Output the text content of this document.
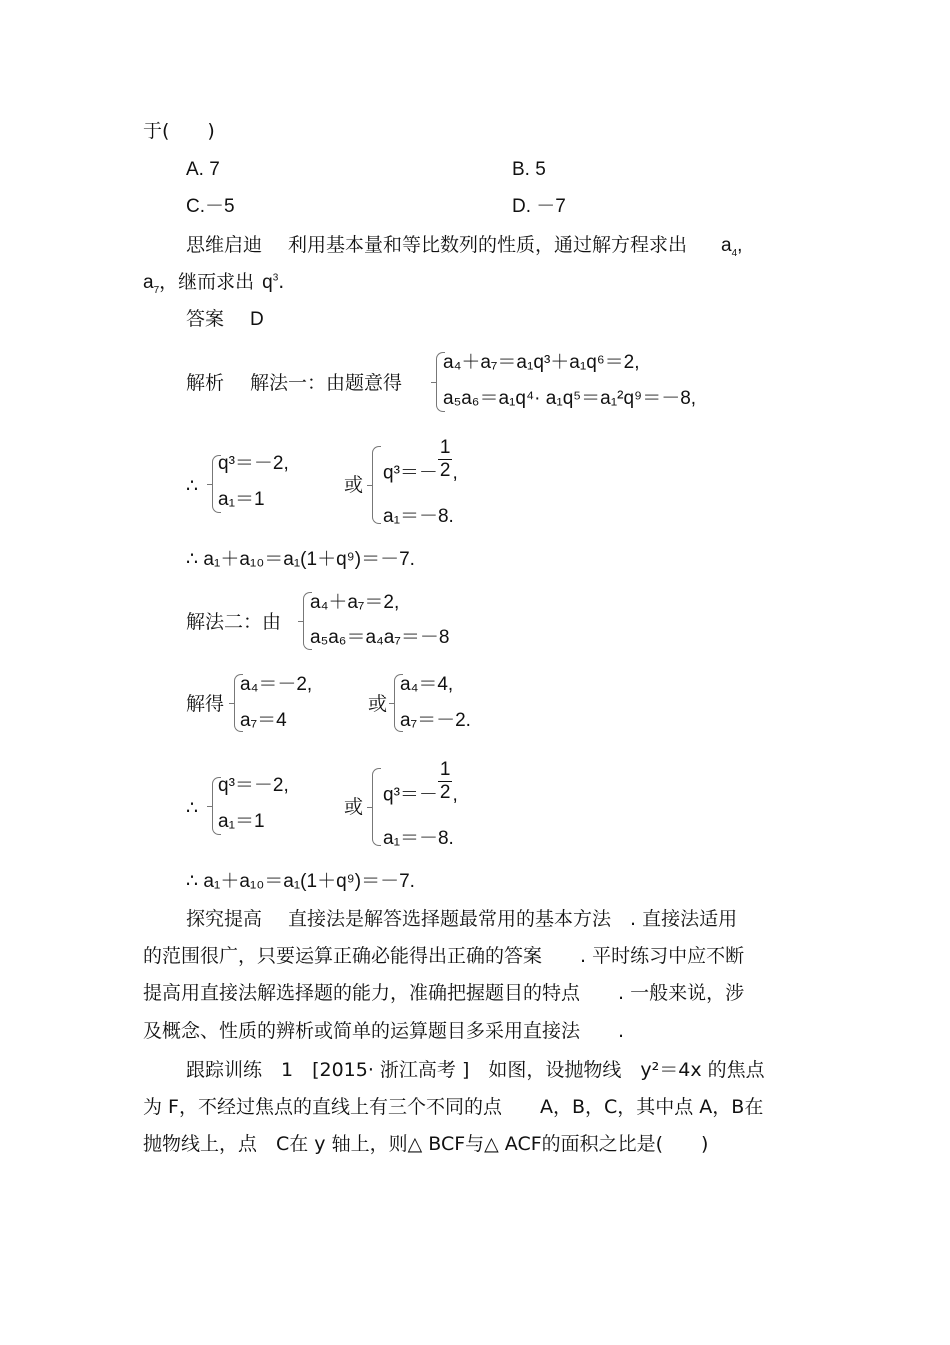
于(　　)
A. 7	B. 5
C.－5	D. －7
思维启迪 利用基本量和等比数列的性质，通过解方程求出 $a_4$,
$a_7$，继而求出 $q^3$.
答案 D
解析 解法一：由题意得
a₄＋a₇＝a₁q³＋a₁q⁶＝2,
a₅a₆＝a₁q⁴· a₁q⁵＝a₁²q⁹＝－8,
∴
q³＝－2,
a₁＝1
或
$q^3=- \frac{1}{2}$ ,
a₁＝－8.
∴ a₁＋a₁₀＝a₁(1＋q⁹)＝－7.
解法二：由
a₄＋a₇＝2,
a₅a₆＝a₄a₇＝－8
解得
a₄＝－2,
a₇＝4
或
a₄＝4,
a₇＝－2.
∴
q³＝－2,
a₁＝1
或
$q^3=- \frac{1}{2}$ ,
a₁＝－8.
∴ a₁＋a₁₀＝a₁(1＋q⁹)＝－7.
探究提高 直接法是解答选择题最常用的基本方法　. 直接法适用
的范围很广，只要运算正确必能得出正确的答案　　. 平时练习中应不断
提高用直接法解选择题的能力，准确把握题目的特点　　. 一般来说，涉
及概念、性质的辨析或简单的运算题目多采用直接法　　.
跟踪训练　1　[2015· 浙江高考 ]　如图，设抛物线　y²＝4x 的焦点
为 F，不经过焦点的直线上有三个不同的点　　A，B，C，其中点 A，B在
抛物线上，点　C在 y 轴上，则△ BCF与△ ACF的面积之比是(　　)
